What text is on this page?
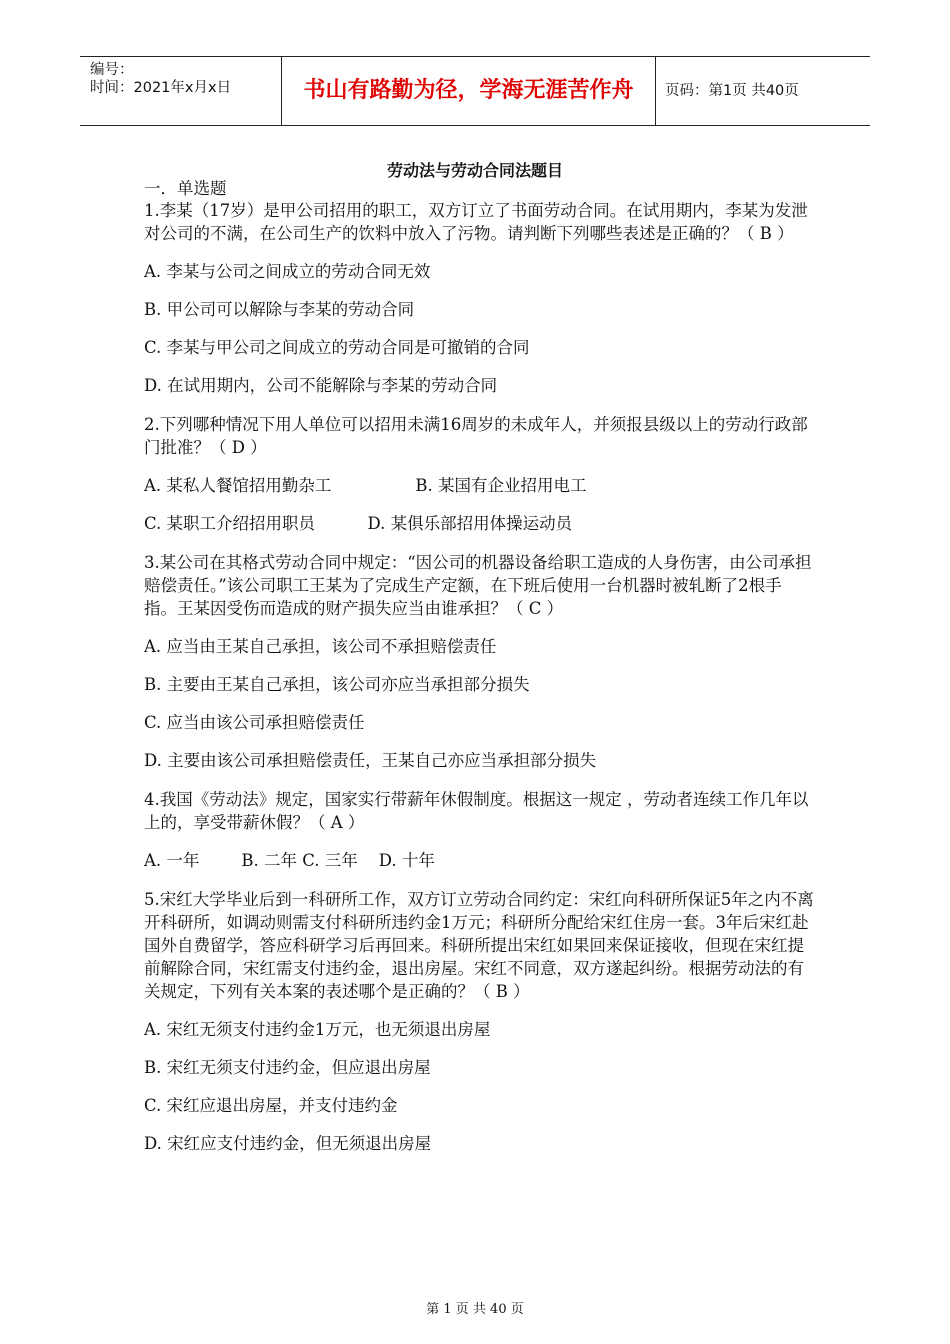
编号：
时间：2021年x月x日	书山有路勤为径，学海无涯苦作舟	页码：第1页 共40页
劳动法与劳动合同法题目

一．单选题

1.李某（17岁）是甲公司招用的职工，双方订立了书面劳动合同。在试用期内，李某为发泄对公司的不满，在公司生产的饮料中放入了污物。请判断下列哪些表述是正确的？（ B ）

A. 李某与公司之间成立的劳动合同无效

B. 甲公司可以解除与李某的劳动合同

C. 李某与甲公司之间成立的劳动合同是可撤销的合同

D. 在试用期内，公司不能解除与李某的劳动合同

2.下列哪种情况下用人单位可以招用未满16周岁的未成年人，并须报县级以上的劳动行政部门批准？（ D ）

A. 某私人餐馆招用勤杂工                B. 某国有企业招用电工

C. 某职工介绍招用职员          D. 某俱乐部招用体操运动员

3.某公司在其格式劳动合同中规定：“因公司的机器设备给职工造成的人身伤害，由公司承担赔偿责任。”该公司职工王某为了完成生产定额，在下班后使用一台机器时被轧断了2根手指。王某因受伤而造成的财产损失应当由谁承担？（ C ）

A. 应当由王某自己承担，该公司不承担赔偿责任

B. 主要由王某自己承担，该公司亦应当承担部分损失

C. 应当由该公司承担赔偿责任

D. 主要由该公司承担赔偿责任，王某自己亦应当承担部分损失

4.我国《劳动法》规定，国家实行带薪年休假制度。根据这一规定 ，劳动者连续工作几年以上的，享受带薪休假？（ A ）

A. 一年        B. 二年 C. 三年    D. 十年

5.宋红大学毕业后到一科研所工作，双方订立劳动合同约定：宋红向科研所保证5年之内不离开科研所，如调动则需支付科研所违约金1万元；科研所分配给宋红住房一套。3年后宋红赴国外自费留学，答应科研学习后再回来。科研所提出宋红如果回来保证接收，但现在宋红提前解除合同，宋红需支付违约金，退出房屋。宋红不同意，双方遂起纠纷。根据劳动法的有关规定，下列有关本案的表述哪个是正确的？（ B ）

A. 宋红无须支付违约金1万元，也无须退出房屋

B. 宋红无须支付违约金，但应退出房屋

C. 宋红应退出房屋，并支付违约金

D. 宋红应支付违约金，但无须退出房屋

第 1 页 共 40 页
